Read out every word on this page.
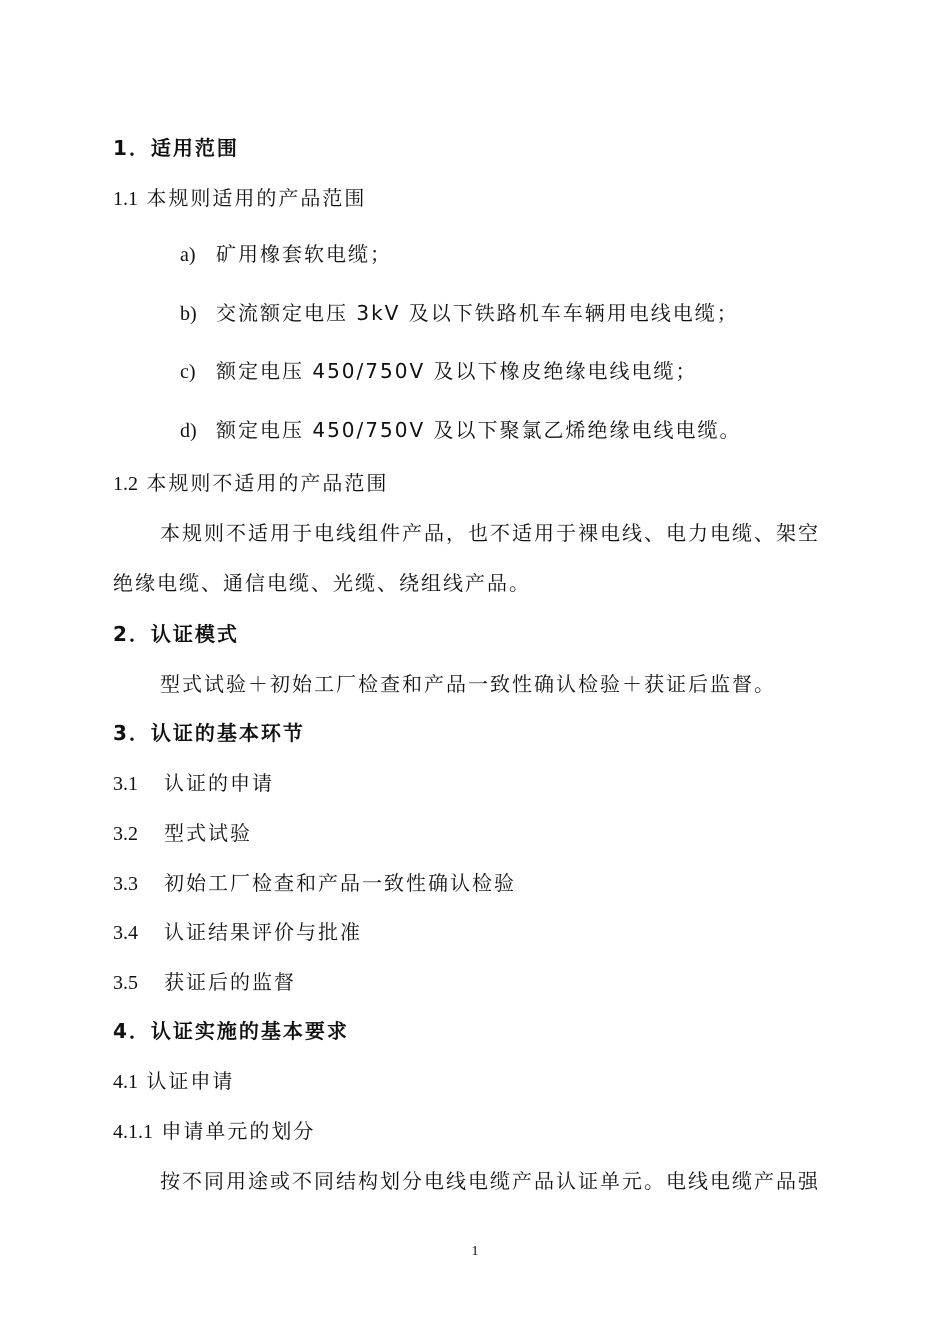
1．适用范围
1.1 本规则适用的产品范围
a) 矿用橡套软电缆；
b) 交流额定电压 3kV 及以下铁路机车车辆用电线电缆；
c) 额定电压 450/750V 及以下橡皮绝缘电线电缆；
d) 额定电压 450/750V 及以下聚氯乙烯绝缘电线电缆。
1.2 本规则不适用的产品范围
本规则不适用于电线组件产品，也不适用于裸电线、电力电缆、架空
绝缘电缆、通信电缆、光缆、绕组线产品。
2．认证模式
型式试验＋初始工厂检查和产品一致性确认检验＋获证后监督。
3．认证的基本环节
3.1 认证的申请
3.2 型式试验
3.3 初始工厂检查和产品一致性确认检验
3.4 认证结果评价与批准
3.5 获证后的监督
4．认证实施的基本要求
4.1 认证申请
4.1.1 申请单元的划分
按不同用途或不同结构划分电线电缆产品认证单元。电线电缆产品强
1
